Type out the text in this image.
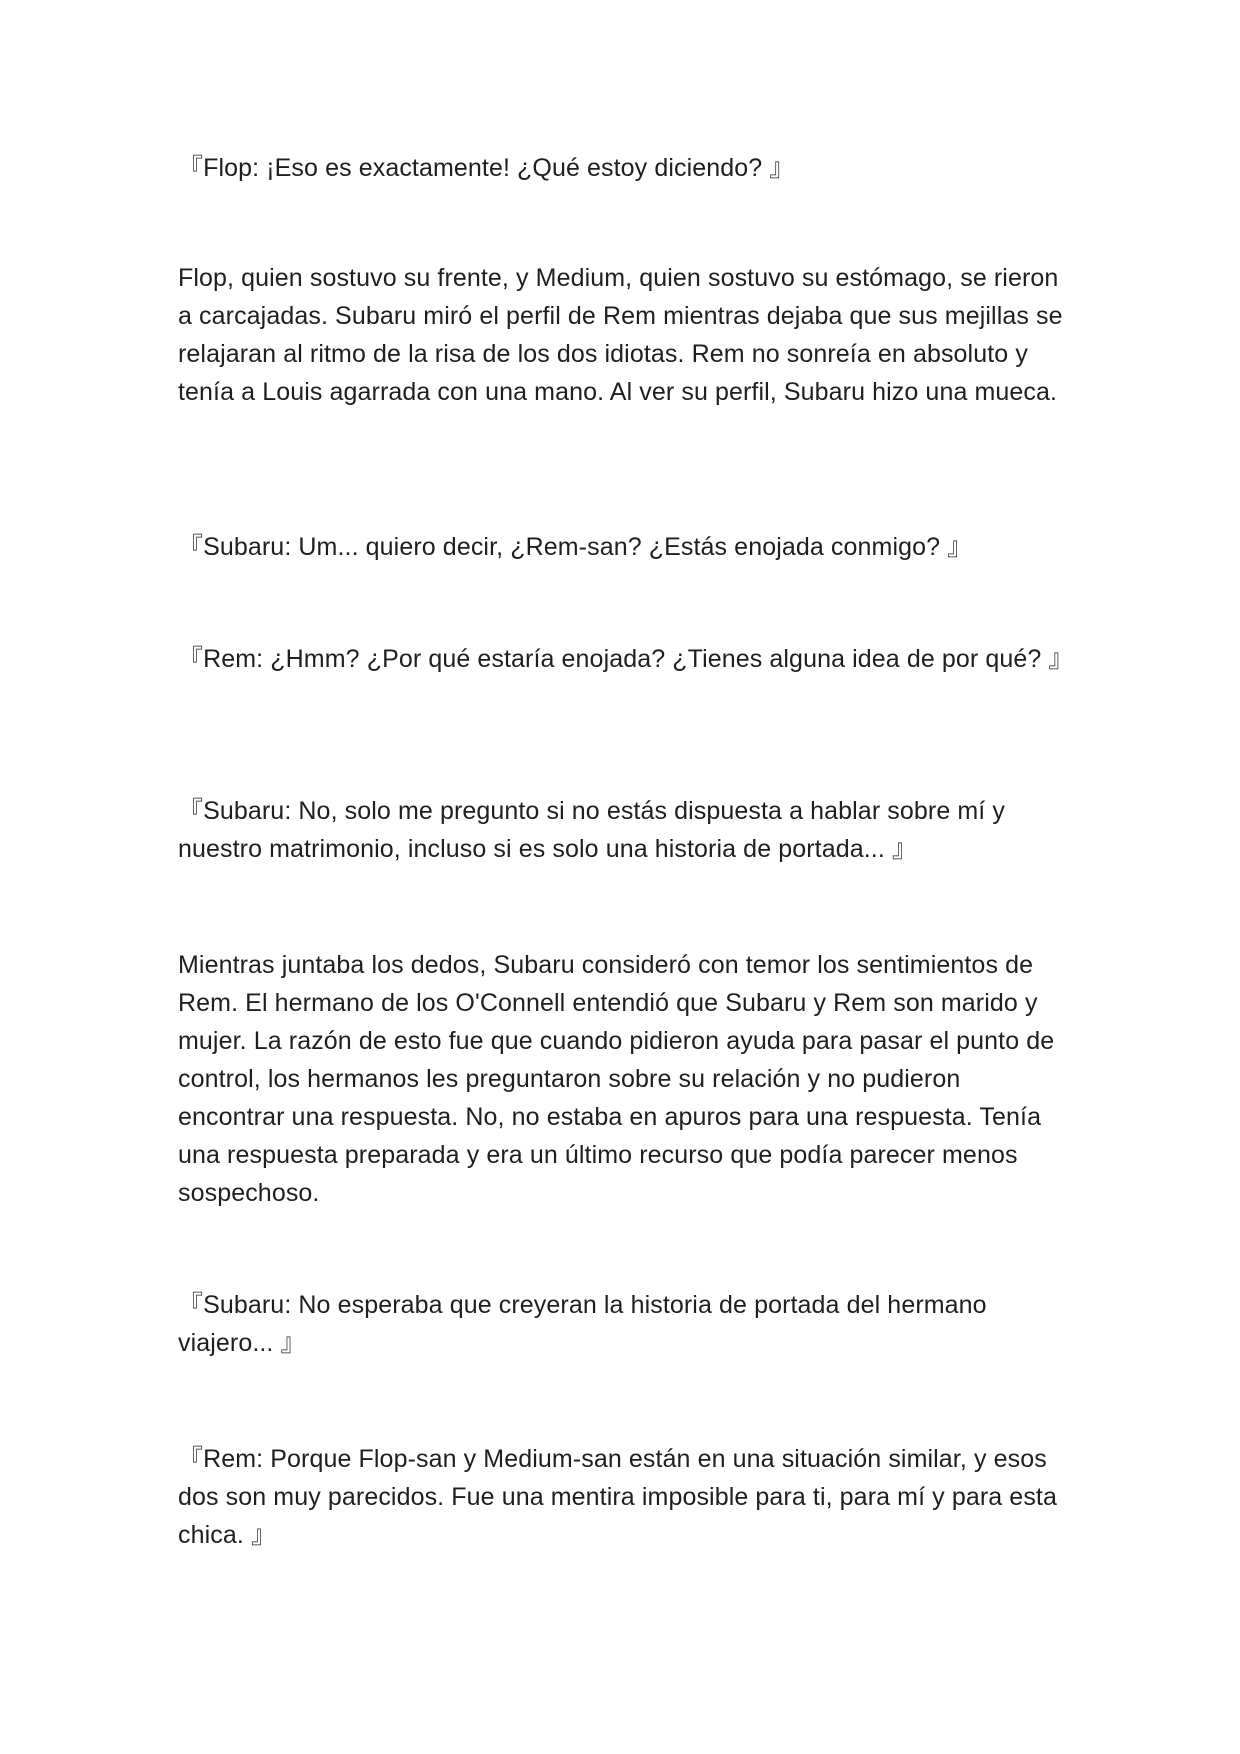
『Flop: ¡Eso es exactamente! ¿Qué estoy diciendo? 』

Flop, quien sostuvo su frente, y Medium, quien sostuvo su estómago, se rieron a carcajadas. Subaru miró el perfil de Rem mientras dejaba que sus mejillas se relajaran al ritmo de la risa de los dos idiotas. Rem no sonreía en absoluto y tenía a Louis agarrada con una mano. Al ver su perfil, Subaru hizo una mueca.

『Subaru: Um... quiero decir, ¿Rem-san? ¿Estás enojada conmigo? 』

『Rem: ¿Hmm? ¿Por qué estaría enojada? ¿Tienes alguna idea de por qué? 』

『Subaru: No, solo me pregunto si no estás dispuesta a hablar sobre mí y nuestro matrimonio, incluso si es solo una historia de portada... 』

Mientras juntaba los dedos, Subaru consideró con temor los sentimientos de Rem. El hermano de los O'Connell entendió que Subaru y Rem son marido y mujer. La razón de esto fue que cuando pidieron ayuda para pasar el punto de control, los hermanos les preguntaron sobre su relación y no pudieron encontrar una respuesta. No, no estaba en apuros para una respuesta. Tenía una respuesta preparada y era un último recurso que podía parecer menos sospechoso.

『Subaru: No esperaba que creyeran la historia de portada del hermano viajero... 』

『Rem: Porque Flop-san y Medium-san están en una situación similar, y esos dos son muy parecidos. Fue una mentira imposible para ti, para mí y para esta chica. 』
